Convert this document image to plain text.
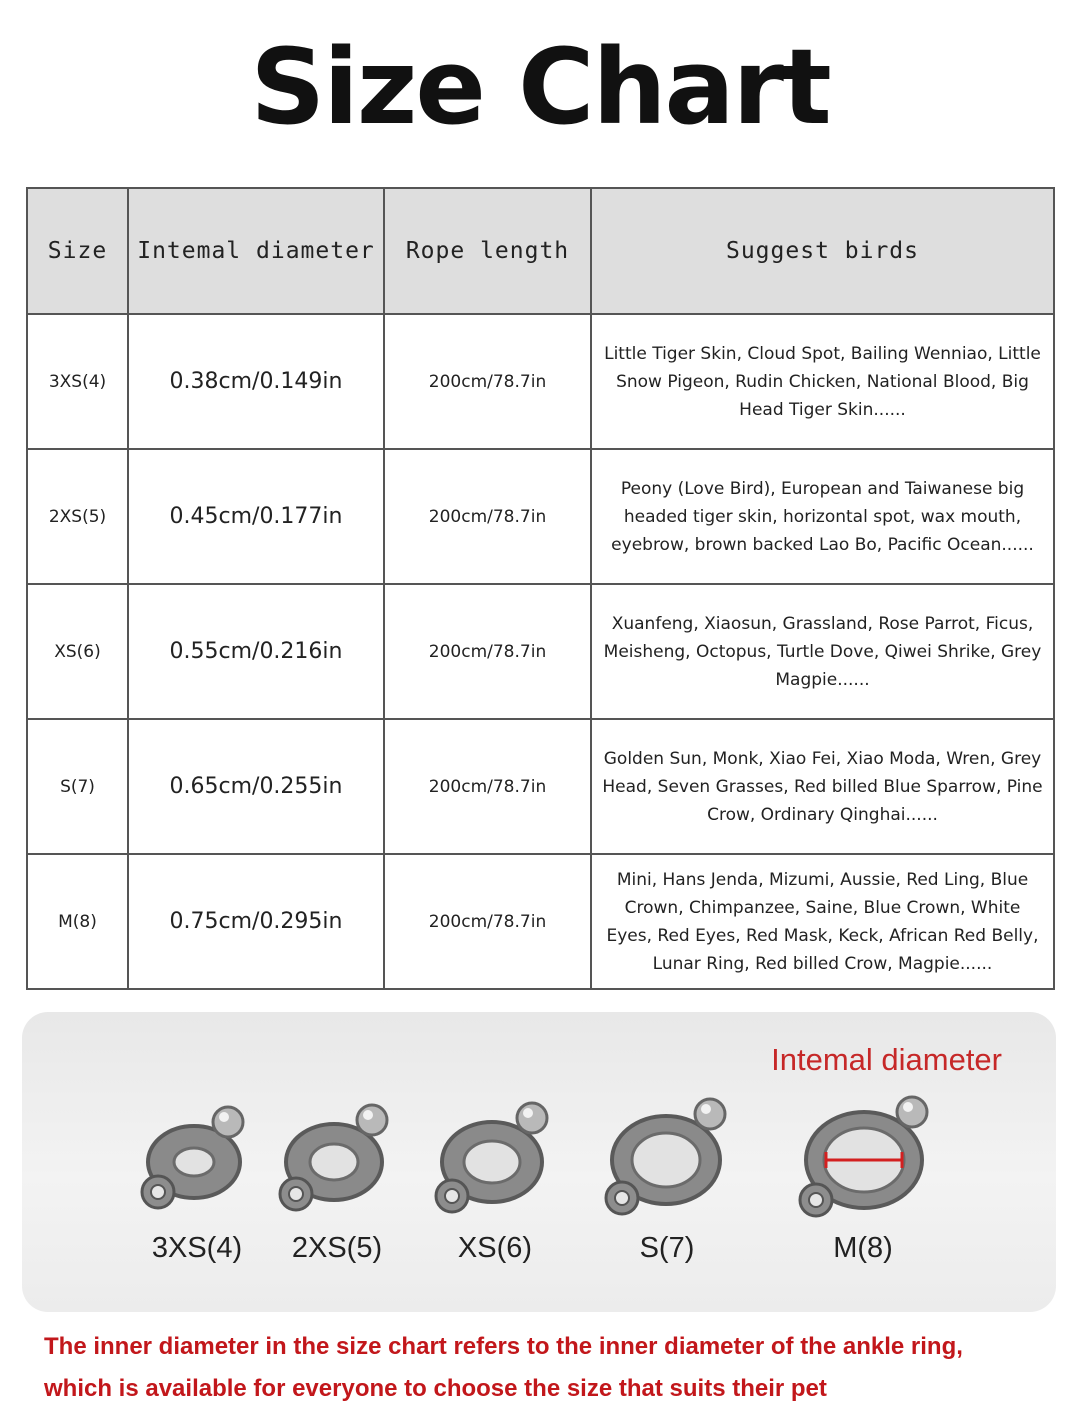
Size Chart
Size	Intemal diameter	Rope length	Suggest birds
3XS(4)	0.38cm/0.149in	200cm/78.7in	Little Tiger Skin, Cloud Spot, Bailing Wenniao, Little Snow Pigeon, Rudin Chicken, National Blood, Big Head Tiger Skin......
2XS(5)	0.45cm/0.177in	200cm/78.7in	Peony (Love Bird), European and Taiwanese big headed tiger skin, horizontal spot, wax mouth, eyebrow, brown backed Lao Bo, Pacific Ocean......
XS(6)	0.55cm/0.216in	200cm/78.7in	Xuanfeng, Xiaosun, Grassland, Rose Parrot, Ficus, Meisheng, Octopus, Turtle Dove, Qiwei Shrike, Grey Magpie......
S(7)	0.65cm/0.255in	200cm/78.7in	Golden Sun, Monk, Xiao Fei, Xiao Moda, Wren, Grey Head, Seven Grasses, Red billed Blue Sparrow, Pine Crow, Ordinary Qinghai......
M(8)	0.75cm/0.295in	200cm/78.7in	Mini, Hans Jenda, Mizumi, Aussie, Red Ling, Blue Crown, Chimpanzee, Saine, Blue Crown, White Eyes, Red Eyes, Red Mask, Keck, African Red Belly, Lunar Ring, Red billed Crow, Magpie......
Intemal diameter
3XS(4)	2XS(5)	XS(6)	S(7)	M(8)
The inner diameter in the size chart refers to the inner diameter of the ankle ring,
which is available for everyone to choose the size that suits their pet
